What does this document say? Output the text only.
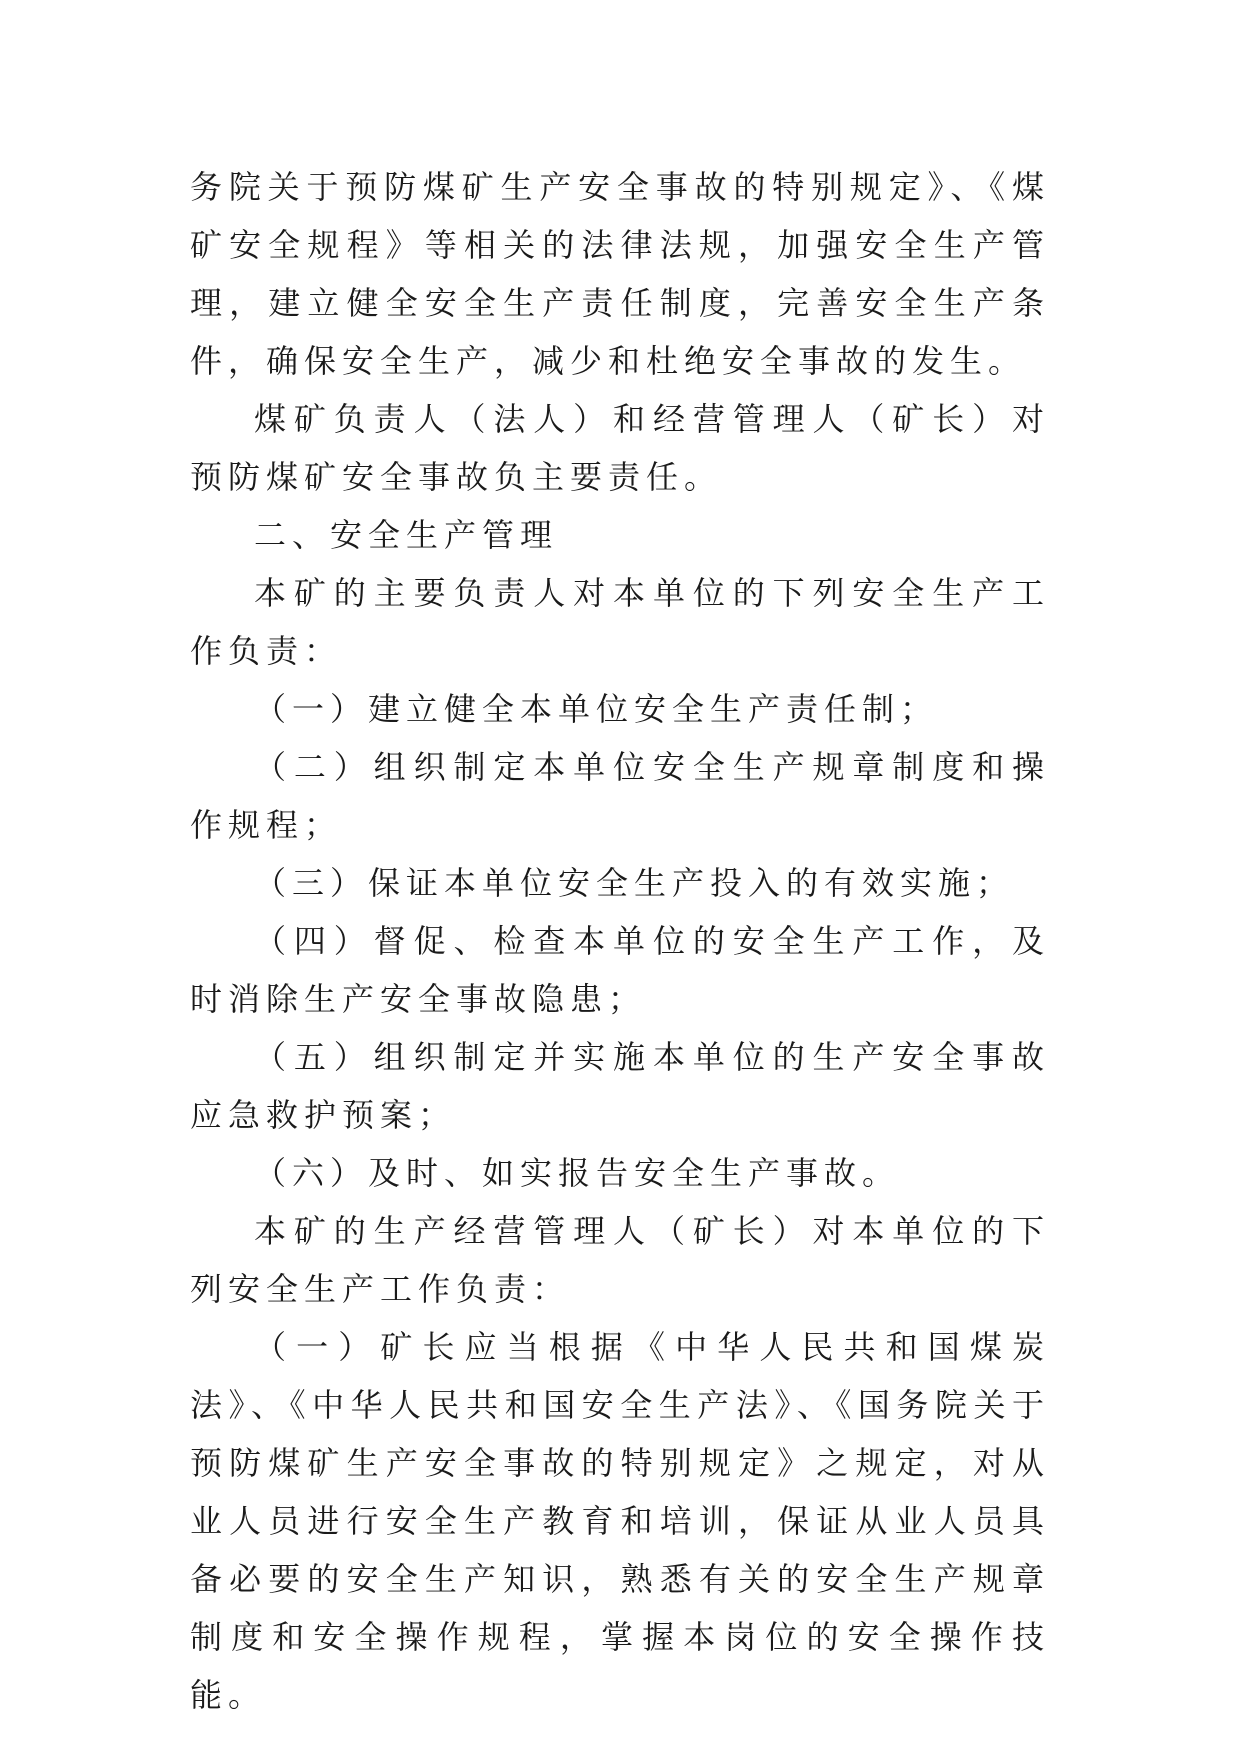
务院关于预防煤矿生产安全事故的特别规定》、《煤矿安全规程》等相关的法律法规，加强安全生产管理，建立健全安全生产责任制度，完善安全生产条件，确保安全生产，减少和杜绝安全事故的发生。

煤矿负责人（法人）和经营管理人（矿长）对预防煤矿安全事故负主要责任。

二、安全生产管理

本矿的主要负责人对本单位的下列安全生产工作负责：

（一）建立健全本单位安全生产责任制；

（二）组织制定本单位安全生产规章制度和操作规程；

（三）保证本单位安全生产投入的有效实施；

（四）督促、检查本单位的安全生产工作，及时消除生产安全事故隐患；

（五）组织制定并实施本单位的生产安全事故应急救护预案；

（六）及时、如实报告安全生产事故。

本矿的生产经营管理人（矿长）对本单位的下列安全生产工作负责：

（一）矿长应当根据《中华人民共和国煤炭法》、《中华人民共和国安全生产法》、《国务院关于预防煤矿生产安全事故的特别规定》之规定，对从业人员进行安全生产教育和培训，保证从业人员具备必要的安全生产知识，熟悉有关的安全生产规章制度和安全操作规程，掌握本岗位的安全操作技能。
